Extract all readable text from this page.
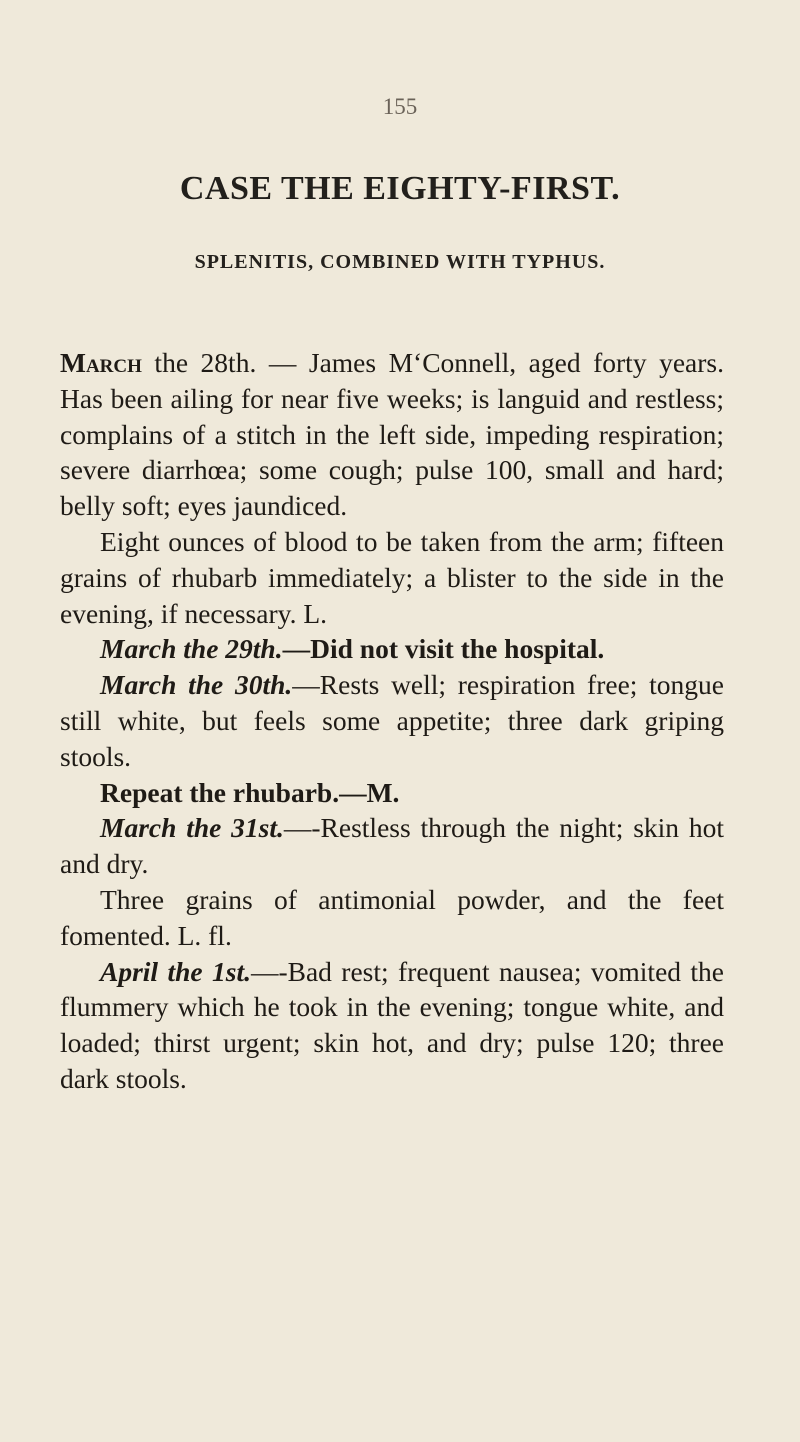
155
CASE THE EIGHTY-FIRST.
SPLENITIS, COMBINED WITH TYPHUS.

March the 28th. — James M‘Connell, aged forty years. Has been ailing for near five weeks; is languid and restless; complains of a stitch in the left side, impeding respiration; severe diarrhœa; some cough; pulse 100, small and hard; belly soft; eyes jaundiced.

Eight ounces of blood to be taken from the arm; fifteen grains of rhubarb immediately; a blister to the side in the evening, if necessary. L.

March the 29th.—Did not visit the hospital.

March the 30th.—Rests well; respiration free; tongue still white, but feels some appetite; three dark griping stools.

Repeat the rhubarb.—M.

March the 31st.—-Restless through the night; skin hot and dry.

Three grains of antimonial powder, and the feet fomented. L. fl.

April the 1st.—-Bad rest; frequent nausea; vomited the flummery which he took in the evening; tongue white, and loaded; thirst urgent; skin hot, and dry; pulse 120; three dark stools.
